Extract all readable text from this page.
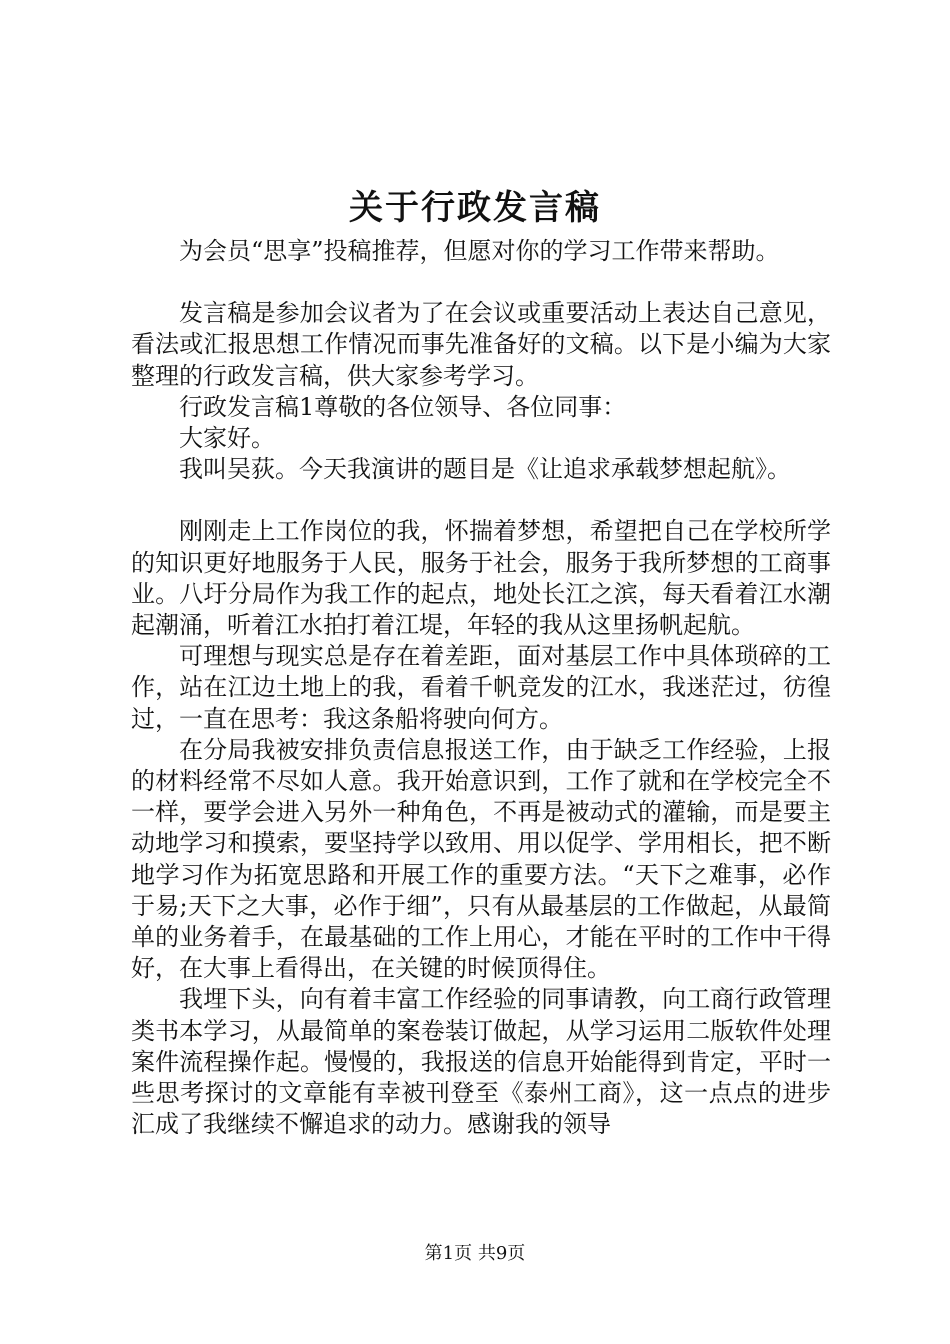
关于行政发言稿

为会员“思享”投稿推荐，但愿对你的学习工作带来帮助。

发言稿是参加会议者为了在会议或重要活动上表达自己意见，看法或汇报思想工作情况而事先准备好的文稿。以下是小编为大家整理的行政发言稿，供大家参考学习。

行政发言稿1尊敬的各位领导、各位同事：

大家好。

我叫吴荻。今天我演讲的题目是《让追求承载梦想起航》。

刚刚走上工作岗位的我，怀揣着梦想，希望把自己在学校所学的知识更好地服务于人民，服务于社会，服务于我所梦想的工商事业。八圩分局作为我工作的起点，地处长江之滨，每天看着江水潮起潮涌，听着江水拍打着江堤，年轻的我从这里扬帆起航。

可理想与现实总是存在着差距，面对基层工作中具体琐碎的工作，站在江边土地上的我，看着千帆竞发的江水，我迷茫过，彷徨过，一直在思考：我这条船将驶向何方。

在分局我被安排负责信息报送工作，由于缺乏工作经验，上报的材料经常不尽如人意。我开始意识到，工作了就和在学校完全不一样，要学会进入另外一种角色，不再是被动式的灌输，而是要主动地学习和摸索，要坚持学以致用、用以促学、学用相长，把不断地学习作为拓宽思路和开展工作的重要方法。“天下之难事，必作于易;天下之大事，必作于细”，只有从最基层的工作做起，从最简单的业务着手，在最基础的工作上用心，才能在平时的工作中干得好，在大事上看得出，在关键的时候顶得住。

我埋下头，向有着丰富工作经验的同事请教，向工商行政管理类书本学习，从最简单的案卷装订做起，从学习运用二版软件处理案件流程操作起。慢慢的，我报送的信息开始能得到肯定，平时一些思考探讨的文章能有幸被刊登至《泰州工商》，这一点点的进步汇成了我继续不懈追求的动力。感谢我的领导

第1页 共9页
